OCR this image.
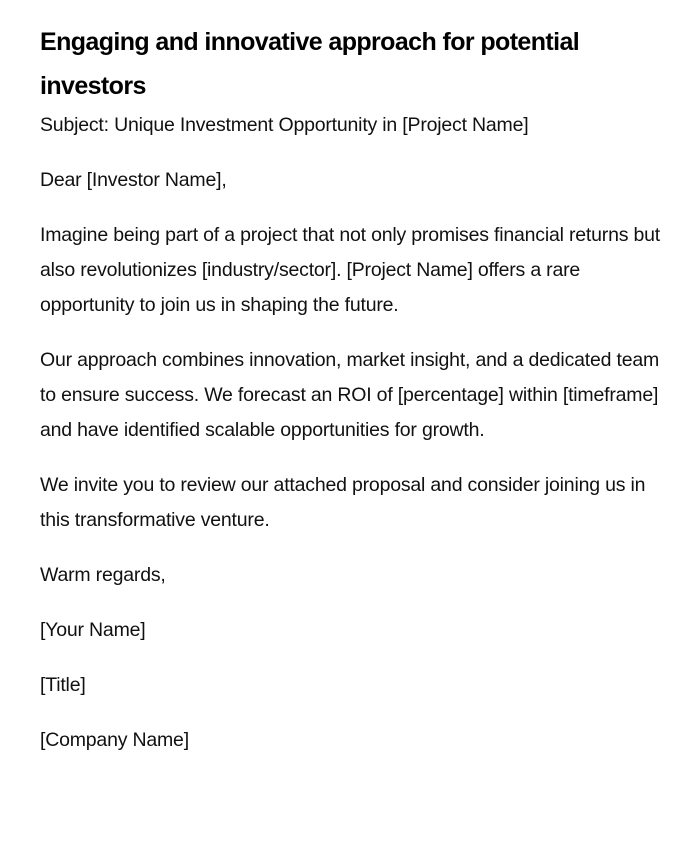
Engaging and innovative approach for potential investors

Subject: Unique Investment Opportunity in [Project Name]

Dear [Investor Name],

Imagine being part of a project that not only promises financial returns but also revolutionizes [industry/sector]. [Project Name] offers a rare opportunity to join us in shaping the future.

Our approach combines innovation, market insight, and a dedicated team to ensure success. We forecast an ROI of [percentage] within [timeframe] and have identified scalable opportunities for growth.

We invite you to review our attached proposal and consider joining us in this transformative venture.

Warm regards,

[Your Name]

[Title]

[Company Name]
